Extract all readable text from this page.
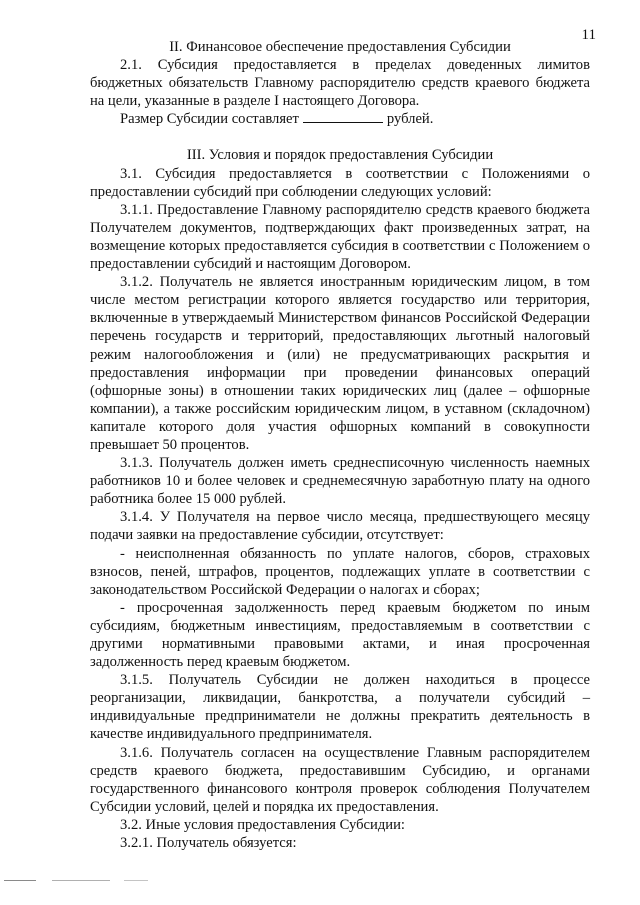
11

II. Финансовое обеспечение предоставления Субсидии

2.1. Субсидия предоставляется в пределах доведенных лимитов бюджетных обязательств Главному распорядителю средств краевого бюджета на цели, указанные в разделе I настоящего Договора.

Размер Субсидии составляет	рублей.

III. Условия и порядок предоставления Субсидии

3.1. Субсидия предоставляется в соответствии с Положениями о предоставлении субсидий при соблюдении следующих условий:

3.1.1. Предоставление Главному распорядителю средств краевого бюджета Получателем документов, подтверждающих факт произведенных затрат, на возмещение которых предоставляется субсидия в соответствии с Положением о предоставлении субсидий и настоящим Договором.

3.1.2. Получатель не является иностранным юридическим лицом, в том числе местом регистрации которого является государство или территория, включенные в утверждаемый Министерством финансов Российской Федерации перечень государств и территорий, предоставляющих льготный налоговый режим налогообложения и (или) не предусматривающих раскрытия и предоставления информации при проведении финансовых операций (офшорные зоны) в отношении таких юридических лиц (далее – офшорные компании), а также российским юридическим лицом, в уставном (складочном) капитале которого доля участия офшорных компаний в совокупности превышает 50 процентов.

3.1.3. Получатель должен иметь среднесписочную численность наемных работников 10 и более человек и среднемесячную заработную плату на одного работника более 15 000 рублей.

3.1.4. У Получателя на первое число месяца, предшествующего месяцу подачи заявки на предоставление субсидии, отсутствует:

- неисполненная обязанность по уплате налогов, сборов, страховых взносов, пеней, штрафов, процентов, подлежащих уплате в соответствии с законодательством Российской Федерации о налогах и сборах;

- просроченная задолженность перед краевым бюджетом по иным субсидиям, бюджетным инвестициям, предоставляемым в соответствии с другими нормативными правовыми актами, и иная просроченная задолженность перед краевым бюджетом.

3.1.5. Получатель Субсидии не должен находиться в процессе реорганизации, ликвидации, банкротства, а получатели субсидий – индивидуальные предприниматели не должны прекратить деятельность в качестве индивидуального предпринимателя.

3.1.6. Получатель согласен на осуществление Главным распорядителем средств краевого бюджета, предоставившим Субсидию, и органами государственного финансового контроля проверок соблюдения Получателем Субсидии условий, целей и порядка их предоставления.

3.2. Иные условия предоставления Субсидии:

3.2.1. Получатель обязуется:
